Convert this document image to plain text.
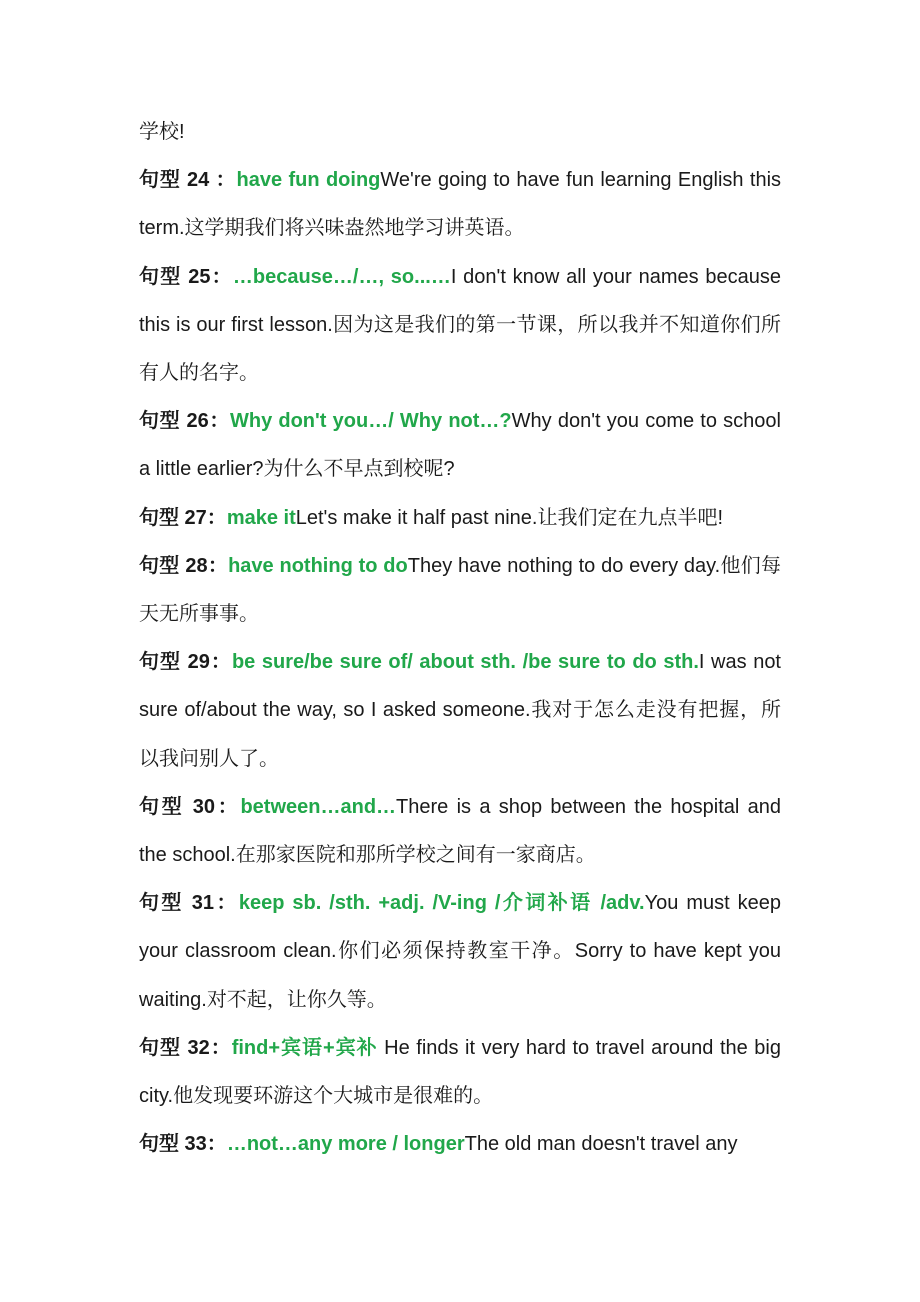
学校!

句型 24 ：have fun doingWe're going to have fun learning English this term.这学期我们将兴味盎然地学习讲英语。

句型 25：…because…/…, so...…I don't know all your names because this is our first lesson.因为这是我们的第一节课，所以我并不知道你们所有人的名字。

句型 26：Why don't you…/ Why not…?Why don't you come to school a little earlier?为什么不早点到校呢?

句型 27：make itLet's make it half past nine.让我们定在九点半吧!

句型 28：have nothing to doThey have nothing to do every day.他们每天无所事事。

句型 29：be sure/be sure of/ about sth. /be sure to do sth.I was not sure of/about the way, so I asked someone.我对于怎么走没有把握，所以我问别人了。

句型 30：between…and…There is a shop between the hospital and the school.在那家医院和那所学校之间有一家商店。

句型 31：keep sb. /sth. +adj. /V-ing /介词补语 /adv.You must keep your classroom clean.你们必须保持教室干净。Sorry to have kept you waiting.对不起，让你久等。

句型 32：find+宾语+宾补 He finds it very hard to travel around the big city.他发现要环游这个大城市是很难的。

句型 33：…not…any more / longerThe old man doesn't travel any
